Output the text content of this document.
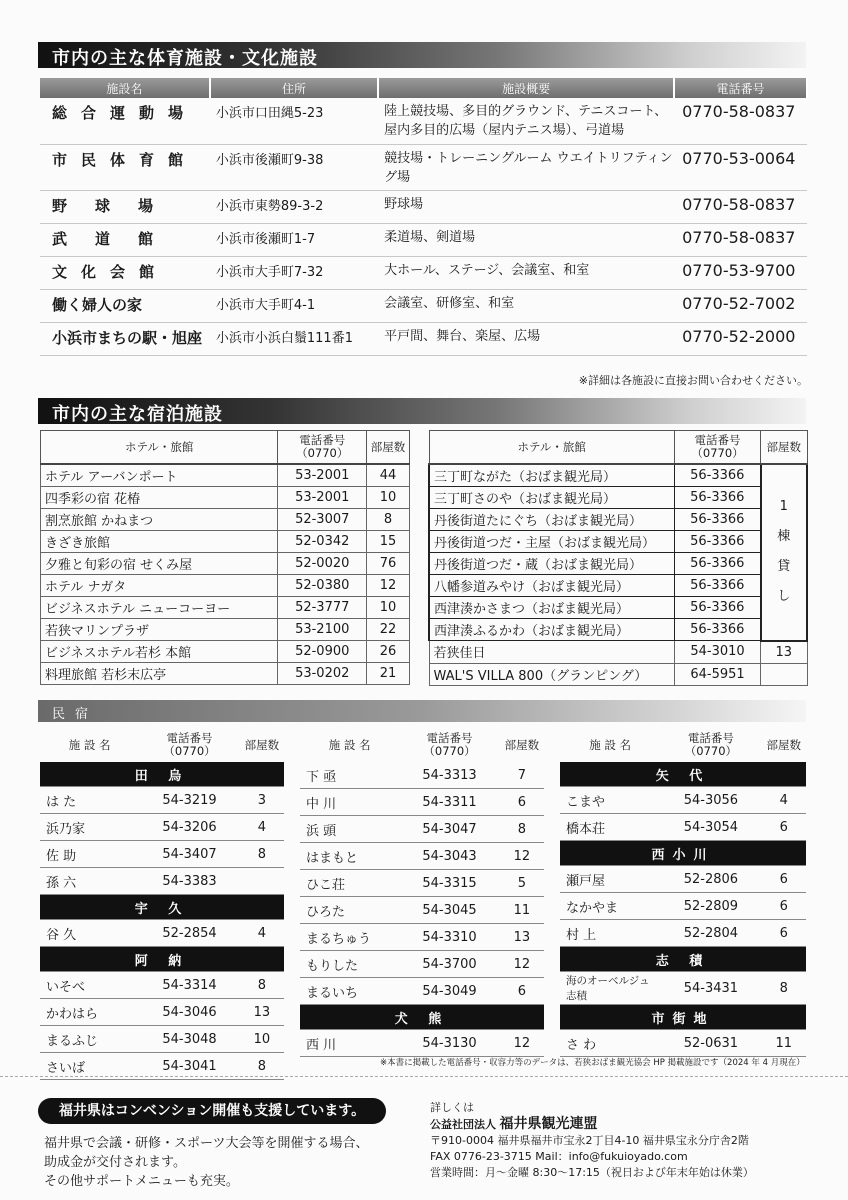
市内の主な体育施設・文化施設
施設名	住所	施設概要	電話番号
総合運動場	小浜市口田縄5-23	陸上競技場、多目的グラウンド、テニスコート、屋内多目的広場（屋内テニス場）、弓道場	0770-58-0837
市民体育館	小浜市後瀬町9-38	競技場・トレーニングルーム ウエイトリフティング場	0770-53-0064
野球場	小浜市東勢89-3-2	野球場	0770-58-0837
武道館	小浜市後瀬町1-7	柔道場、剣道場	0770-58-0837
文化会館	小浜市大手町7-32	大ホール、ステージ、会議室、和室	0770-53-9700
働く婦人の家	小浜市大手町4-1	会議室、研修室、和室	0770-52-7002
小浜市まちの駅・旭座	小浜市小浜白鬚111番1	平戸間、舞台、楽屋、広場	0770-52-2000
※詳細は各施設に直接お問い合わせください。
市内の主な宿泊施設
ホテル・旅館	電話番号
（0770）	部屋数
ホテル アーバンポート	53-2001	44
四季彩の宿 花椿	53-2001	10
割烹旅館 かねまつ	52-3007	8
きざき旅館	52-0342	15
夕雅と旬彩の宿 せくみ屋	52-0020	76
ホテル ナガタ	52-0380	12
ビジネスホテル ニューコーヨー	52-3777	10
若狭マリンプラザ	53-2100	22
ビジネスホテル若杉 本館	52-0900	26
料理旅館 若杉末広亭	53-0202	21
ホテル・旅館	電話番号
（0770）	部屋数
三丁町ながた（おばま観光局）	56-3366	1
棟
貸
し

三丁町さのや（おばま観光局）	56-3366	
丹後街道たにぐち（おばま観光局）	56-3366	
丹後街道つだ・主屋（おばま観光局）	56-3366	
丹後街道つだ・蔵（おばま観光局）	56-3366	
八幡参道みやけ（おばま観光局）	56-3366	
西津湊かさまつ（おばま観光局）	56-3366	
西津湊ふるかわ（おばま観光局）	56-3366	
若狭佳日	54-3010	13
WAL'S VILLA 800（グランピング）	64-5951	
民宿
施 設 名	電話番号
（0770）	部屋数
田 烏		
は た	54-3219	3
浜乃家	54-3206	4
佐 助	54-3407	8
孫 六	54-3383	
宇 久		
谷 久	52-2854	4
阿 納		
いそべ	54-3314	8
かわはら	54-3046	13
まるふじ	54-3048	10
さいば	54-3041	8
施 設 名	電話番号
（0770）	部屋数
下 亟	54-3313	7
中 川	54-3311	6
浜 頭	54-3047	8
はまもと	54-3043	12
ひこ荘	54-3315	5
ひろた	54-3045	11
まるちゅう	54-3310	13
もりした	54-3700	12
まるいち	54-3049	6
犬 熊		
西 川	54-3130	12
施 設 名	電話番号
（0770）	部屋数
矢 代		
こまや	54-3056	4
橋本荘	54-3054	6
西小川		
瀬戸屋	52-2806	6
なかやま	52-2809	6
村 上	52-2804	6
志 積		
海のオーベルジュ志積	54-3431	8
市街地		
さ わ	52-0631	11
※本書に掲載した電話番号・収容力等のデータは、若狭おばま観光協会 HP 掲載施設です（2024 年 4 月現在）
福井県はコンベンション開催も支援しています。
福井県で会議・研修・スポーツ大会等を開催する場合、
助成金が交付されます。
その他サポートメニューも充実。
詳しくは
公益社団法人 福井県観光連盟
〒910-0004 福井県福井市宝永2丁目4-10 福井県宝永分庁舎2階
FAX 0776-23-3715 Mail：info@fukuioyado.com
営業時間：月～金曜 8:30～17:15（祝日および年末年始は休業）
